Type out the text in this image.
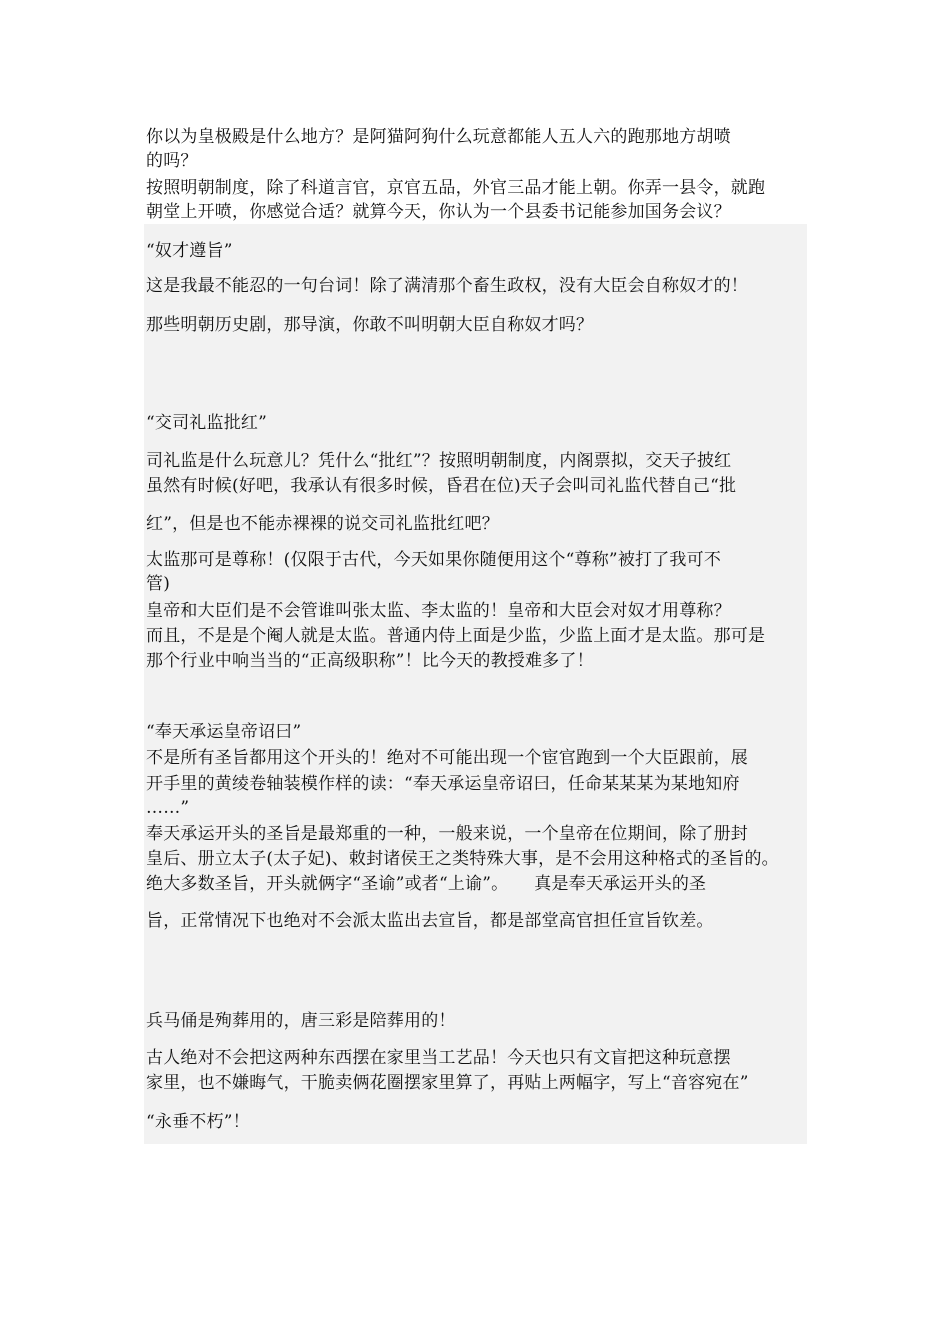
你以为皇极殿是什么地方？是阿猫阿狗什么玩意都能人五人六的跑那地方胡喷
的吗？
按照明朝制度，除了科道言官，京官五品，外官三品才能上朝。你弄一县令，就跑
朝堂上开喷，你感觉合适？就算今天，你认为一个县委书记能参加国务会议？
“奴才遵旨”
这是我最不能忍的一句台词！除了满清那个畜生政权，没有大臣会自称奴才的！
那些明朝历史剧，那导演，你敢不叫明朝大臣自称奴才吗？
“交司礼监批红”
司礼监是什么玩意儿？凭什么“批红”？按照明朝制度，内阁票拟，交天子披红
虽然有时候(好吧，我承认有很多时候，昏君在位)天子会叫司礼监代替自己“批
红”，但是也不能赤裸裸的说交司礼监批红吧？
太监那可是尊称！(仅限于古代，今天如果你随便用这个“尊称”被打了我可不
管)
皇帝和大臣们是不会管谁叫张太监、李太监的！皇帝和大臣会对奴才用尊称？
而且，不是是个阉人就是太监。普通内侍上面是少监，少监上面才是太监。那可是
那个行业中响当当的“正高级职称”！比今天的教授难多了！
“奉天承运皇帝诏曰”
不是所有圣旨都用这个开头的！绝对不可能出现一个宦官跑到一个大臣跟前，展
开手里的黄绫卷轴装模作样的读：“奉天承运皇帝诏曰，任命某某某为某地知府
……”
奉天承运开头的圣旨是最郑重的一种，一般来说，一个皇帝在位期间，除了册封
皇后、册立太子(太子妃)、敕封诸侯王之类特殊大事，是不会用这种格式的圣旨的。
绝大多数圣旨，开头就俩字“圣谕”或者“上谕”。　　真是奉天承运开头的圣
旨，正常情况下也绝对不会派太监出去宣旨，都是部堂高官担任宣旨钦差。
兵马俑是殉葬用的，唐三彩是陪葬用的！
古人绝对不会把这两种东西摆在家里当工艺品！今天也只有文盲把这种玩意摆
家里，也不嫌晦气，干脆卖俩花圈摆家里算了，再贴上两幅字，写上“音容宛在”
“永垂不朽”！
